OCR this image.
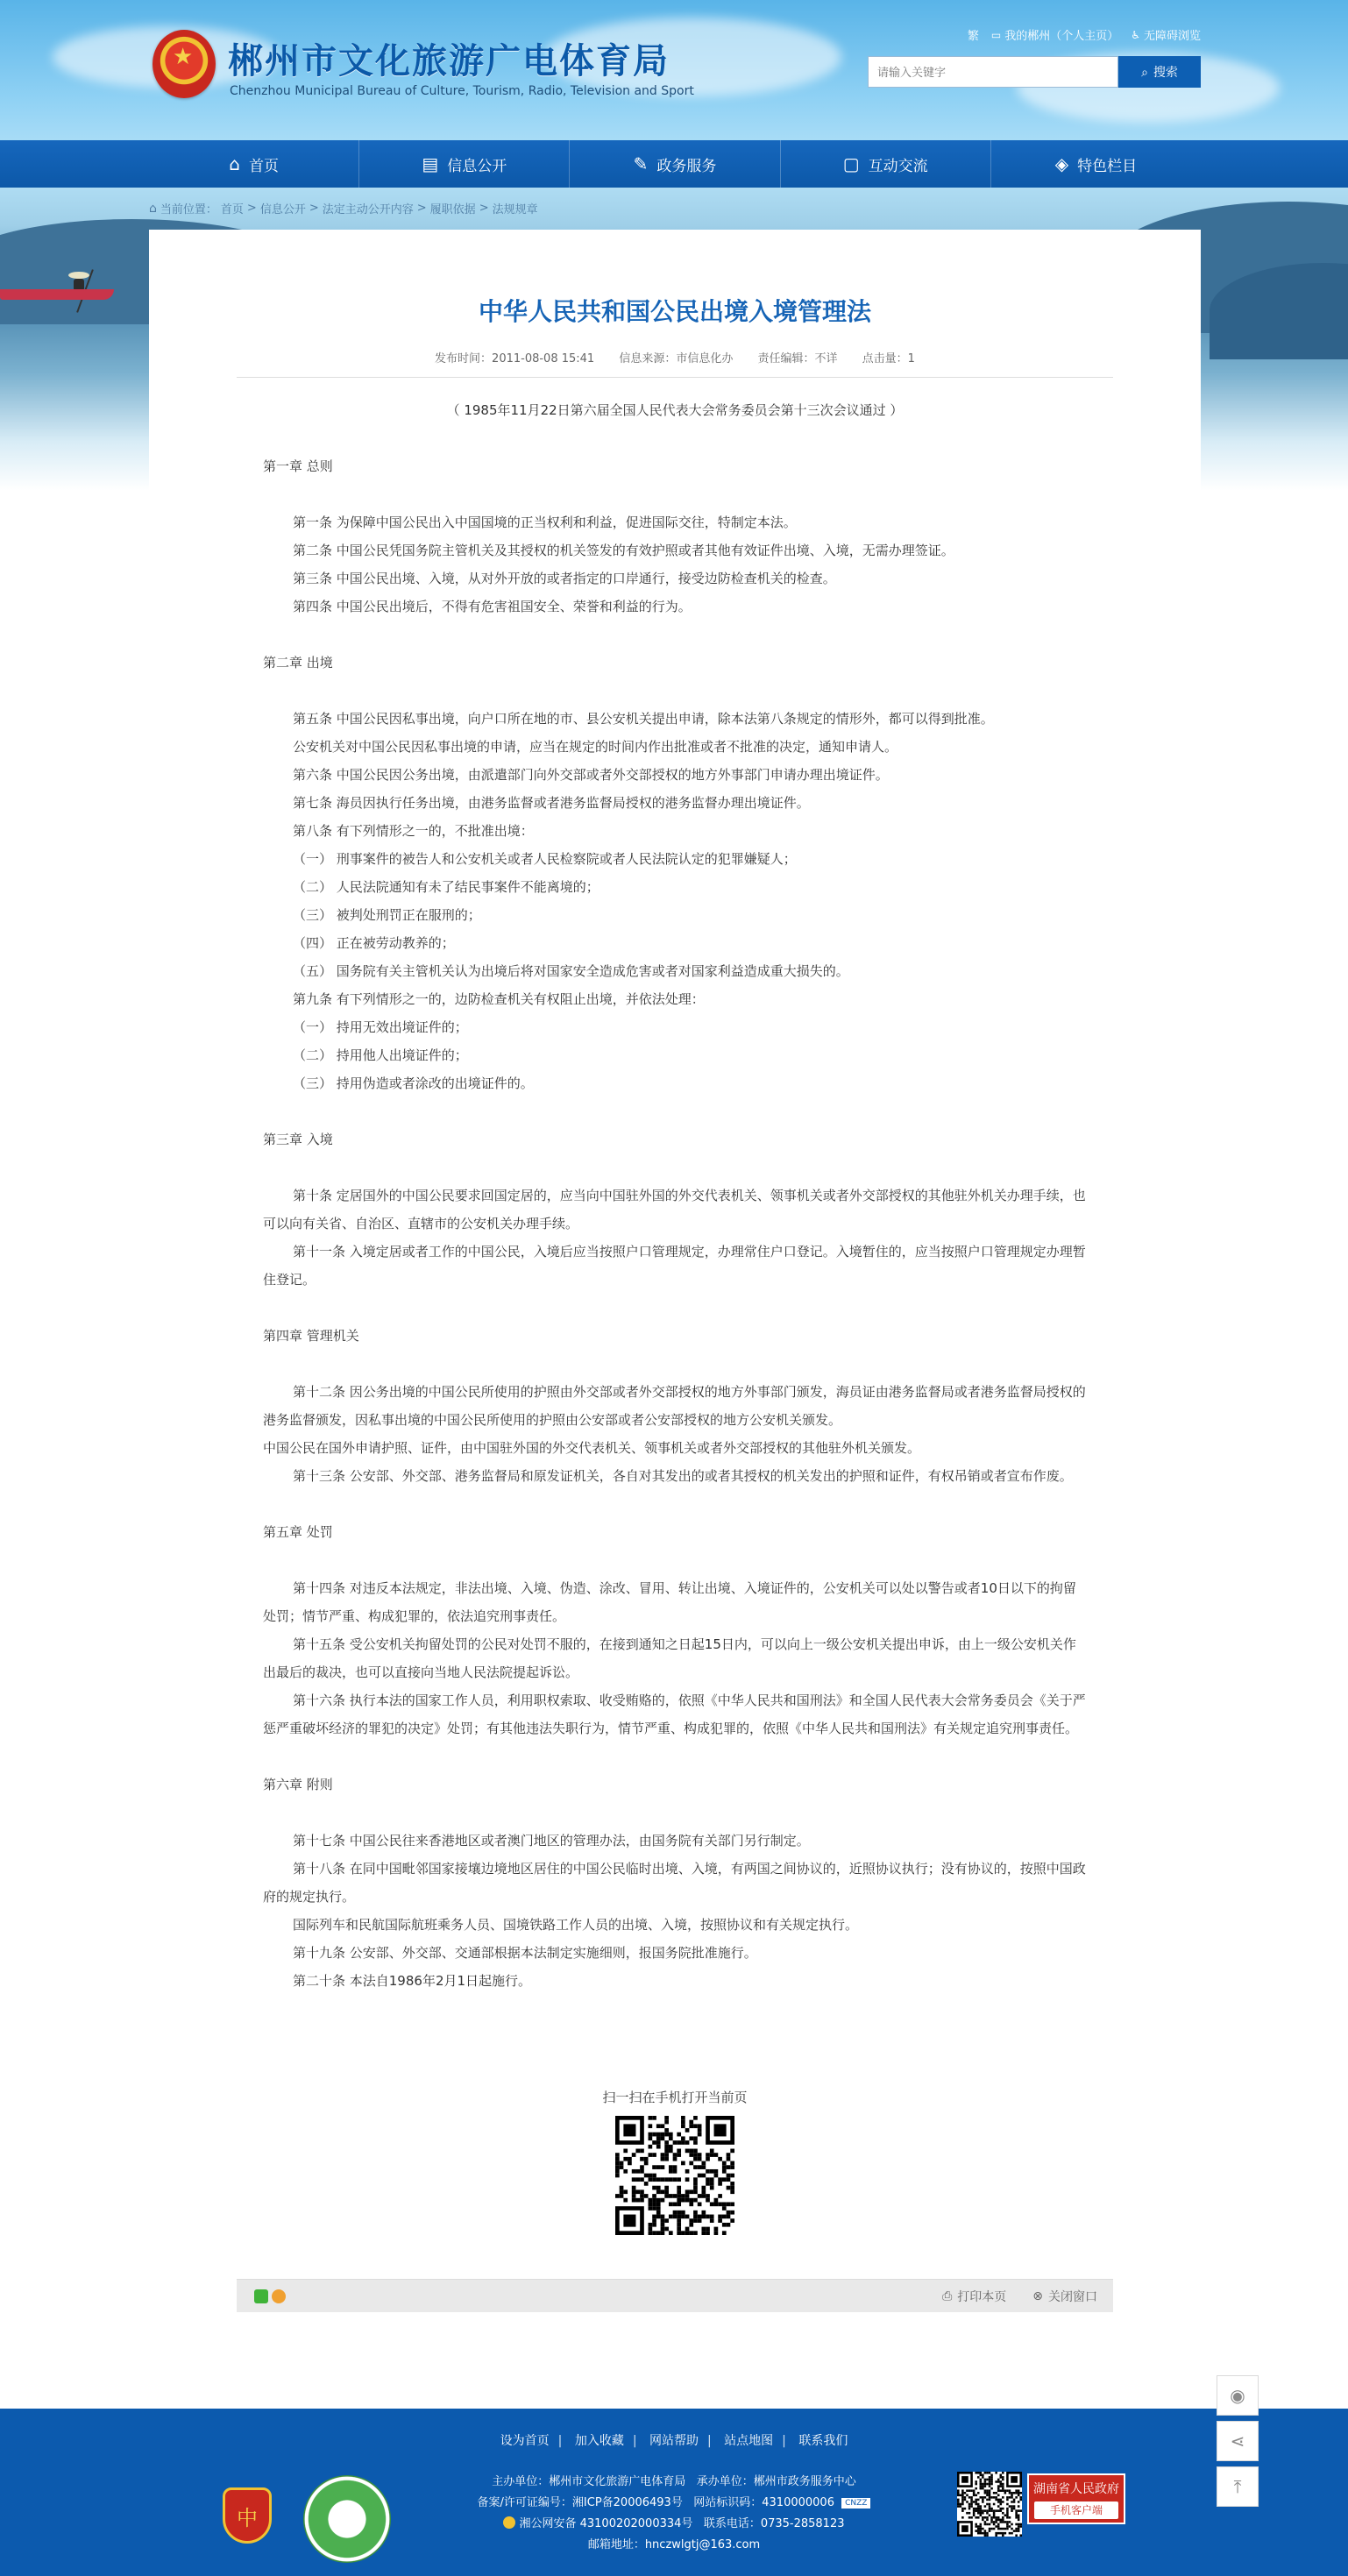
★ 郴州市文化旅游广电体育局
Chenzhou Municipal Bureau of Culture, Tourism, Radio, Television and Sport
繁 ▭ 我的郴州（个人主页） ♿ 无障碍浏览
请输入关键字
⌕ 搜索
⌂ 首页	▤ 信息公开	✎ 政务服务	▢ 互动交流	◈ 特色栏目
⌂ 当前位置： 首页 > 信息公开 > 法定主动公开内容 > 履职依据 > 法规规章
中华人民共和国公民出境入境管理法
发布时间：2011-08-08 15:41 信息来源：市信息化办 责任编辑：不详 点击量：1

（ 1985年11月22日第六届全国人民代表大会常务委员会第十三次会议通过 ）

第一章 总则

第一条 为保障中国公民出入中国国境的正当权利和利益，促进国际交往，特制定本法。

第二条 中国公民凭国务院主管机关及其授权的机关签发的有效护照或者其他有效证件出境、入境，无需办理签证。

第三条 中国公民出境、入境，从对外开放的或者指定的口岸通行，接受边防检查机关的检查。

第四条 中国公民出境后，不得有危害祖国安全、荣誉和利益的行为。

第二章 出境

第五条 中国公民因私事出境，向户口所在地的市、县公安机关提出申请，除本法第八条规定的情形外，都可以得到批准。

公安机关对中国公民因私事出境的申请，应当在规定的时间内作出批准或者不批准的决定，通知申请人。

第六条 中国公民因公务出境，由派遣部门向外交部或者外交部授权的地方外事部门申请办理出境证件。

第七条 海员因执行任务出境，由港务监督或者港务监督局授权的港务监督办理出境证件。

第八条 有下列情形之一的，不批准出境：

（一） 刑事案件的被告人和公安机关或者人民检察院或者人民法院认定的犯罪嫌疑人；

（二） 人民法院通知有未了结民事案件不能离境的；

（三） 被判处刑罚正在服刑的；

（四） 正在被劳动教养的；

（五） 国务院有关主管机关认为出境后将对国家安全造成危害或者对国家利益造成重大损失的。

第九条 有下列情形之一的，边防检查机关有权阻止出境，并依法处理：

（一） 持用无效出境证件的；

（二） 持用他人出境证件的；

（三） 持用伪造或者涂改的出境证件的。

第三章 入境

第十条 定居国外的中国公民要求回国定居的，应当向中国驻外国的外交代表机关、领事机关或者外交部授权的其他驻外机关办理手续，也可以向有关省、自治区、直辖市的公安机关办理手续。

第十一条 入境定居或者工作的中国公民，入境后应当按照户口管理规定，办理常住户口登记。入境暂住的，应当按照户口管理规定办理暂住登记。

第四章 管理机关

第十二条 因公务出境的中国公民所使用的护照由外交部或者外交部授权的地方外事部门颁发，海员证由港务监督局或者港务监督局授权的港务监督颁发，因私事出境的中国公民所使用的护照由公安部或者公安部授权的地方公安机关颁发。

中国公民在国外申请护照、证件，由中国驻外国的外交代表机关、领事机关或者外交部授权的其他驻外机关颁发。

第十三条 公安部、外交部、港务监督局和原发证机关，各自对其发出的或者其授权的机关发出的护照和证件，有权吊销或者宣布作废。

第五章 处罚

第十四条 对违反本法规定，非法出境、入境、伪造、涂改、冒用、转让出境、入境证件的，公安机关可以处以警告或者10日以下的拘留处罚；情节严重、构成犯罪的，依法追究刑事责任。

第十五条 受公安机关拘留处罚的公民对处罚不服的，在接到通知之日起15日内，可以向上一级公安机关提出申诉，由上一级公安机关作出最后的裁决，也可以直接向当地人民法院提起诉讼。

第十六条 执行本法的国家工作人员，利用职权索取、收受贿赂的，依照《中华人民共和国刑法》和全国人民代表大会常务委员会《关于严惩严重破坏经济的罪犯的决定》处罚；有其他违法失职行为，情节严重、构成犯罪的，依照《中华人民共和国刑法》有关规定追究刑事责任。

第六章 附则

第十七条 中国公民往来香港地区或者澳门地区的管理办法，由国务院有关部门另行制定。

第十八条 在同中国毗邻国家接壤边境地区居住的中国公民临时出境、入境，有两国之间协议的，近照协议执行；没有协议的，按照中国政府的规定执行。

国际列车和民航国际航班乘务人员、国境铁路工作人员的出境、入境，按照协议和有关规定执行。

第十九条 公安部、外交部、交通部根据本法制定实施细则，报国务院批准施行。

第二十条 本法自1986年2月1日起施行。

扫一扫在手机打开当前页
⎙ 打印本页 ⊗ 关闭窗口
设为首页 | 加入收藏 | 网站帮助 | 站点地图 | 联系我们
中
主办单位：郴州市文化旅游广电体育局 承办单位：郴州市政务服务中心
备案/许可证编号：湘ICP备20006493号 网站标识码：4310000006 CNZZ
湘公网安备 43100202000334号 联系电话：0735-2858123
邮箱地址：hnczwlgtj@163.com
湖南省人民政府
手机客户端
◉
⋖
⤒
